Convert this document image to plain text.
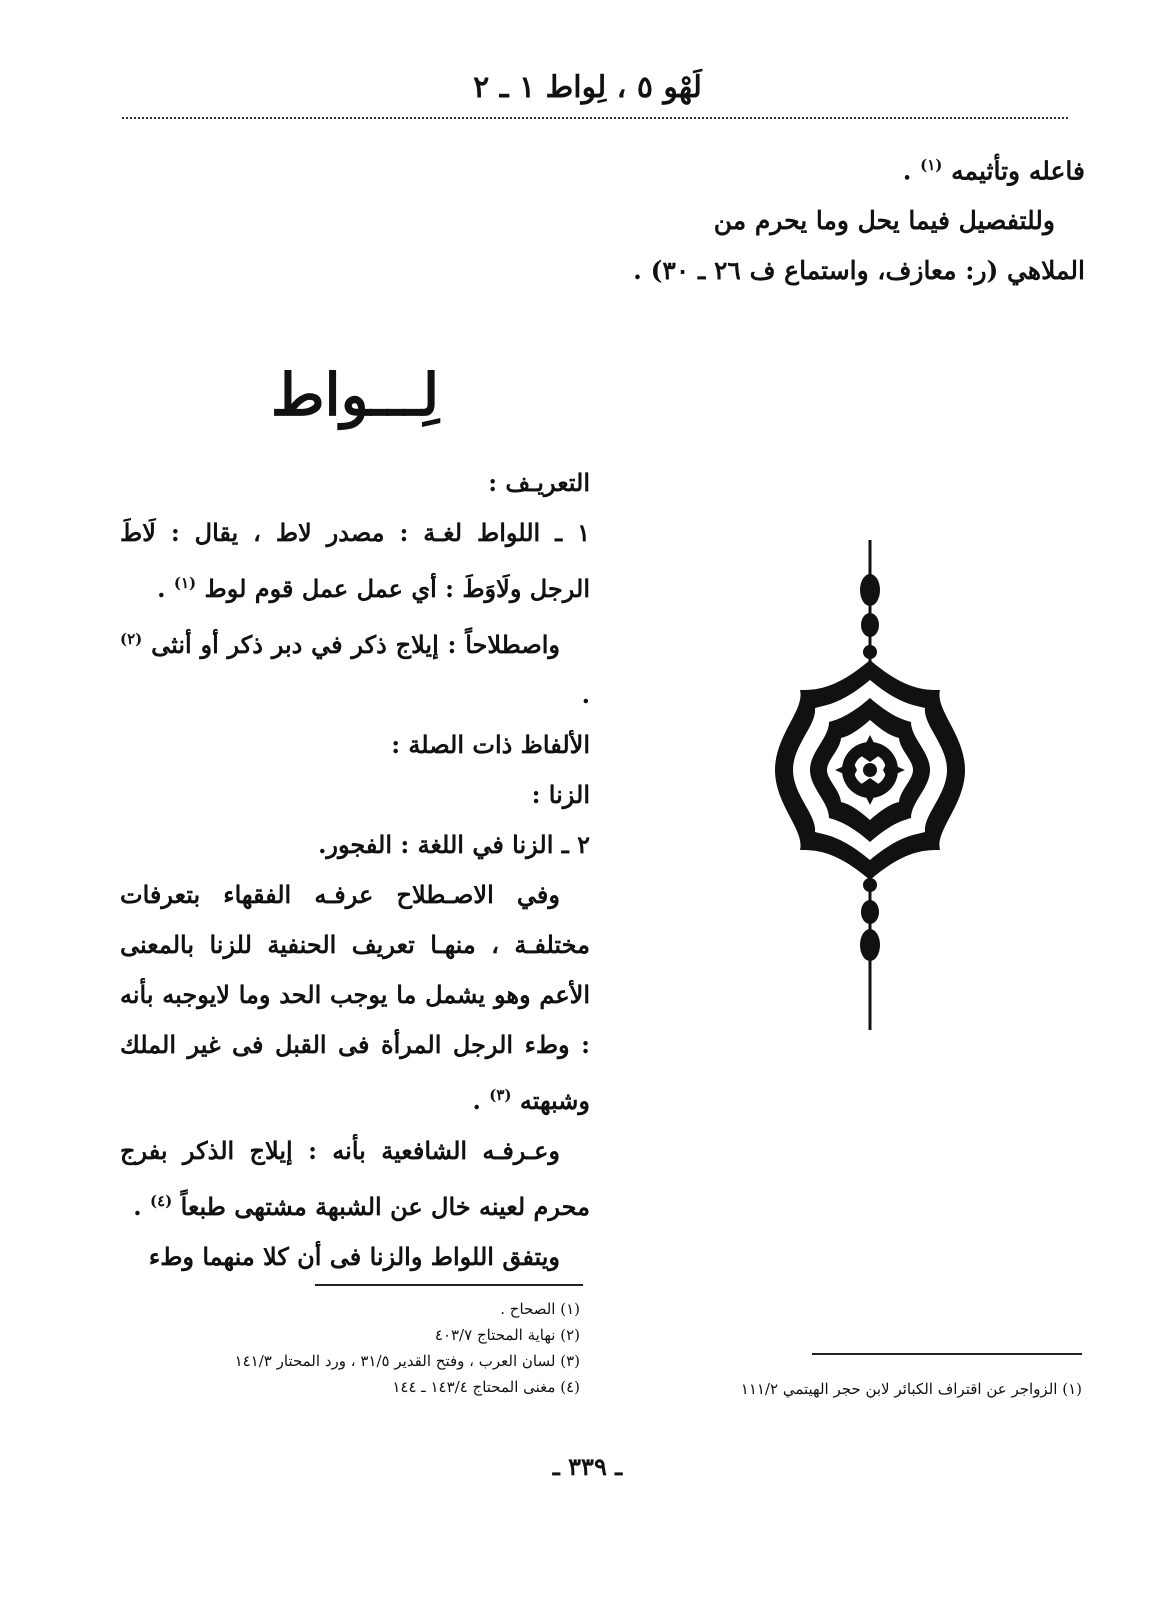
لَهْو ٥ ، لِواط ١ ـ ٢

فاعله وتأثيمه $^{(١)}$ .

وللتفصيل فيما يحل وما يحرم من الملاهي (ر: معازف، واستماع ف ٢٦ ـ ٣٠) .

لِـــواط
التعريـف :

١ ـ اللواط لغـة : مصدر لاط ، يقال : لَاطَ الرجل ولَاوَطَ : أي عمل عمل قوم لوط $^{(١)}$ .

واصطلاحاً : إيلاج ذكر في دبر ذكر أو أنثى $^{(٢)}$ .

الألفاظ ذات الصلة :
الزنا :

٢ ـ الزنا في اللغة : الفجور.

وفي الاصـطلاح عرفـه الفقهاء بتعرفات مختلفـة ، منهـا تعريف الحنفية للزنا بالمعنى الأعم وهو يشمل ما يوجب الحد وما لايوجبه بأنه : وطء الرجل المرأة فى القبل فى غير الملك وشبهته $^{(٣)}$ .

وعـرفـه الشافعية بأنه : إيلاج الذكر بفرج محرم لعينه خال عن الشبهة مشتهى طبعاً $^{(٤)}$ .

ويتفق اللواط والزنا فى أن كلا منهما وطء

(١) الصحاح .
(٢) نهاية المحتاج ٤٠٣/٧
(٣) لسان العرب ، وفتح القدير ٣١/٥ ، ورد المحتار ١٤١/٣
(٤) مغنى المحتاج ١٤٣/٤ ـ ١٤٤	(١) الزواجر عن اقتراف الكبائر لابن حجر الهيتمي ١١١/٢
ـ ٣٣٩ ـ
